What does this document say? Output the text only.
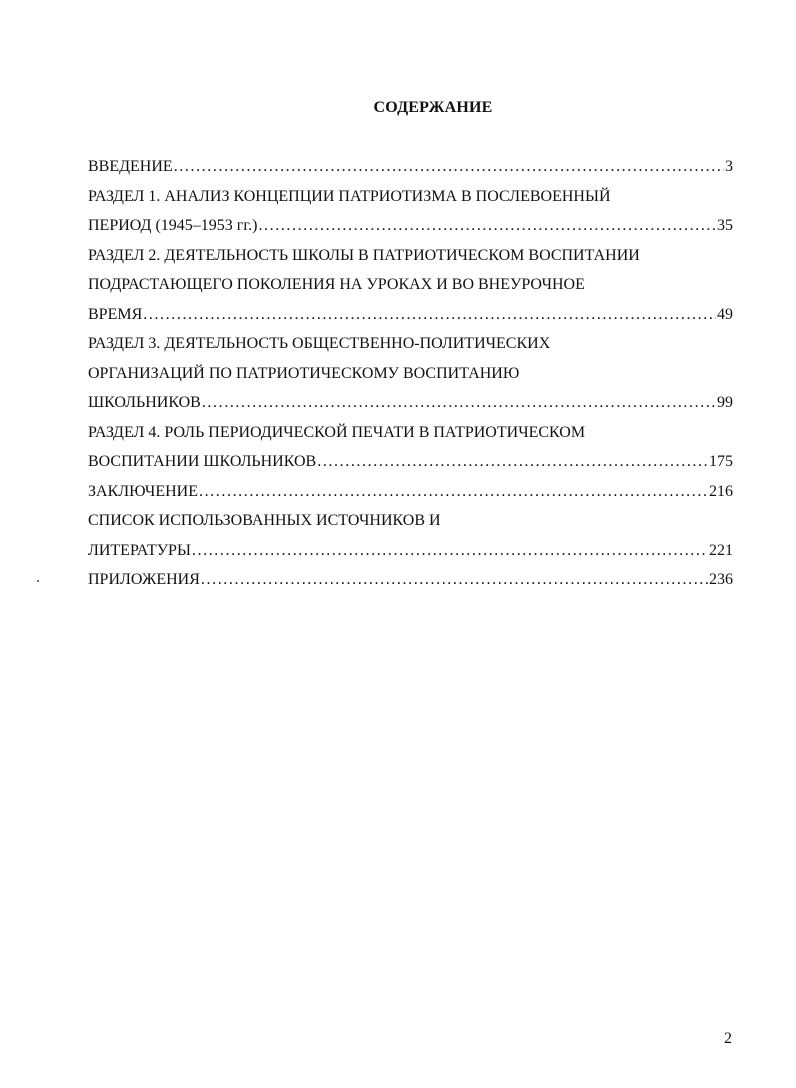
СОДЕРЖАНИЕ
ВВЕДЕНИЕ .....	3
РАЗДЕЛ 1. АНАЛИЗ КОНЦЕПЦИИ ПАТРИОТИЗМА В ПОСЛЕВОЕННЫЙ
ПЕРИОД (1945–1953 гг.) .....	35
РАЗДЕЛ 2. ДЕЯТЕЛЬНОСТЬ ШКОЛЫ В ПАТРИОТИЧЕСКОМ ВОСПИТАНИИ
ПОДРАСТАЮЩЕГО ПОКОЛЕНИЯ НА УРОКАХ И ВО ВНЕУРОЧНОЕ
ВРЕМЯ .....	49
РАЗДЕЛ 3. ДЕЯТЕЛЬНОСТЬ ОБЩЕСТВЕННО-ПОЛИТИЧЕСКИХ
ОРГАНИЗАЦИЙ ПО ПАТРИОТИЧЕСКОМУ ВОСПИТАНИЮ
ШКОЛЬНИКОВ .....	99
РАЗДЕЛ 4. РОЛЬ ПЕРИОДИЧЕСКОЙ ПЕЧАТИ В ПАТРИОТИЧЕСКОМ
ВОСПИТАНИИ ШКОЛЬНИКОВ .....	175
ЗАКЛЮЧЕНИЕ .....	216
СПИСОК ИСПОЛЬЗОВАННЫХ ИСТОЧНИКОВ И
ЛИТЕРАТУРЫ .....	221
ПРИЛОЖЕНИЯ .....	236
2
